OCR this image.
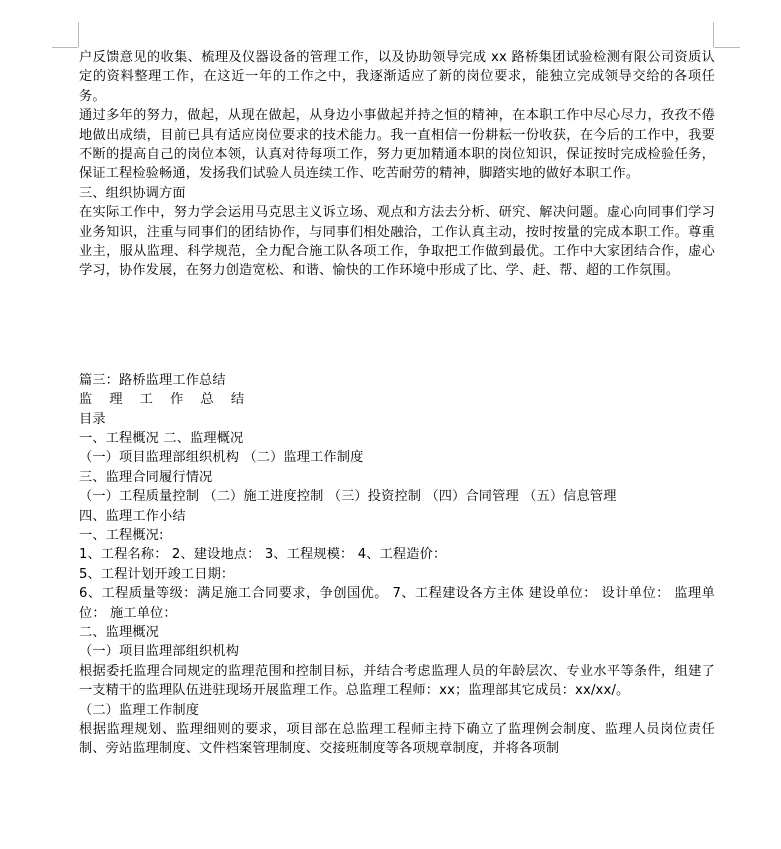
户反馈意见的收集、梳理及仪器设备的管理工作，以及协助领导完成 xx 路桥集团试验检测有限公司资质认定的资料整理工作，在这近一年的工作之中，我逐渐适应了新的岗位要求，能独立完成领导交给的各项任务。
通过多年的努力，做起，从现在做起，从身边小事做起并持之恒的精神，在本职工作中尽心尽力，孜孜不倦地做出成绩，目前已具有适应岗位要求的技术能力。我一直相信一份耕耘一份收获，在今后的工作中，我要不断的提高自己的岗位本领，认真对待每项工作，努力更加精通本职的岗位知识，保证按时完成检验任务，保证工程检验畅通，发扬我们试验人员连续工作、吃苦耐劳的精神，脚踏实地的做好本职工作。
三、组织协调方面
在实际工作中，努力学会运用马克思主义诉立场、观点和方法去分析、研究、解决问题。虚心向同事们学习业务知识，注重与同事们的团结协作，与同事们相处融洽，工作认真主动，按时按量的完成本职工作。尊重业主，服从监理、科学规范，全力配合施工队各项工作，争取把工作做到最优。工作中大家团结合作，虚心学习，协作发展，在努力创造宽松、和谐、愉快的工作环境中形成了比、学、赶、帮、超的工作氛围。
篇三：路桥监理工作总结
监 理 工 作 总 结
目录
一、工程概况 二、监理概况
（一）项目监理部组织机构 （二）监理工作制度
三、监理合同履行情况
（一）工程质量控制 （二）施工进度控制 （三）投资控制 （四）合同管理 （五）信息管理
四、监理工作小结
一、工程概况:
1、工程名称： 2、建设地点： 3、工程规模： 4、工程造价：
5、工程计划开竣工日期：
6、工程质量等级：满足施工合同要求，争创国优。 7、工程建设各方主体 建设单位： 设计单位： 监理单位： 施工单位：
二、监理概况
（一）项目监理部组织机构
根据委托监理合同规定的监理范围和控制目标，并结合考虑监理人员的年龄层次、专业水平等条件，组建了一支精干的监理队伍进驻现场开展监理工作。总监理工程师：xx；监理部其它成员：xx/xx/。
（二）监理工作制度
根据监理规划、监理细则的要求，项目部在总监理工程师主持下确立了监理例会制度、监理人员岗位责任制、旁站监理制度、文件档案管理制度、交接班制度等各项规章制度，并将各项制
